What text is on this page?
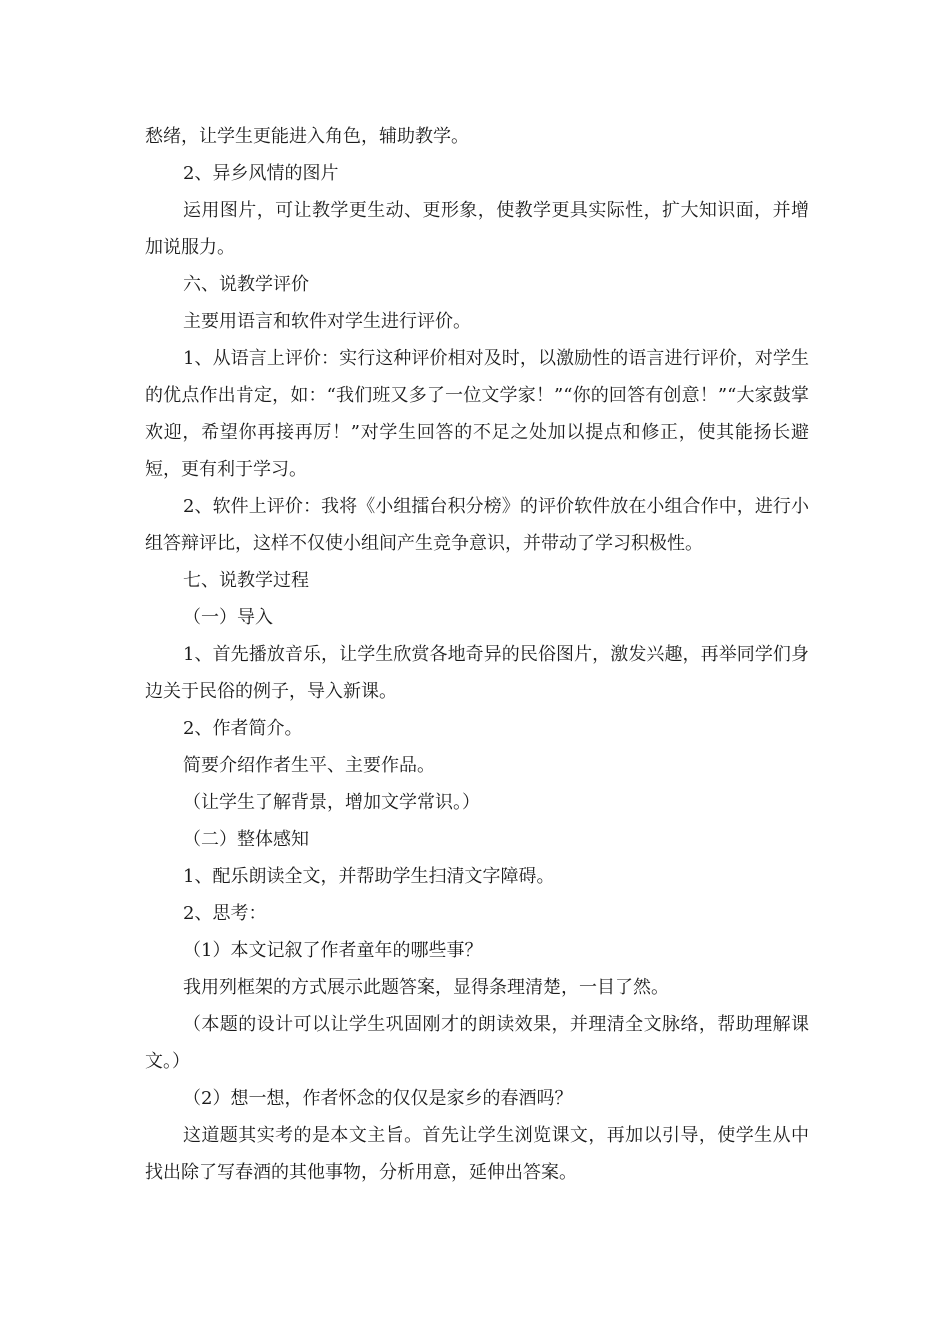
愁绪，让学生更能进入角色，辅助教学。

2、异乡风情的图片

运用图片，可让教学更生动、更形象，使教学更具实际性，扩大知识面，并增加说服力。

六、说教学评价

主要用语言和软件对学生进行评价。

1、从语言上评价：实行这种评价相对及时，以激励性的语言进行评价，对学生的优点作出肯定，如：“我们班又多了一位文学家！”“你的回答有创意！”“大家鼓掌欢迎，希望你再接再厉！”对学生回答的不足之处加以提点和修正，使其能扬长避短，更有利于学习。

2、软件上评价：我将《小组擂台积分榜》的评价软件放在小组合作中，进行小组答辩评比，这样不仅使小组间产生竞争意识，并带动了学习积极性。

七、说教学过程

（一）导入

1、首先播放音乐，让学生欣赏各地奇异的民俗图片，激发兴趣，再举同学们身边关于民俗的例子，导入新课。

2、作者简介。

简要介绍作者生平、主要作品。

（让学生了解背景，增加文学常识。）

（二）整体感知

1、配乐朗读全文，并帮助学生扫清文字障碍。

2、思考：

（1）本文记叙了作者童年的哪些事？

我用列框架的方式展示此题答案，显得条理清楚，一目了然。

（本题的设计可以让学生巩固刚才的朗读效果，并理清全文脉络，帮助理解课文。）

（2）想一想，作者怀念的仅仅是家乡的春酒吗？

这道题其实考的是本文主旨。首先让学生浏览课文，再加以引导，使学生从中找出除了写春酒的其他事物，分析用意，延伸出答案。
